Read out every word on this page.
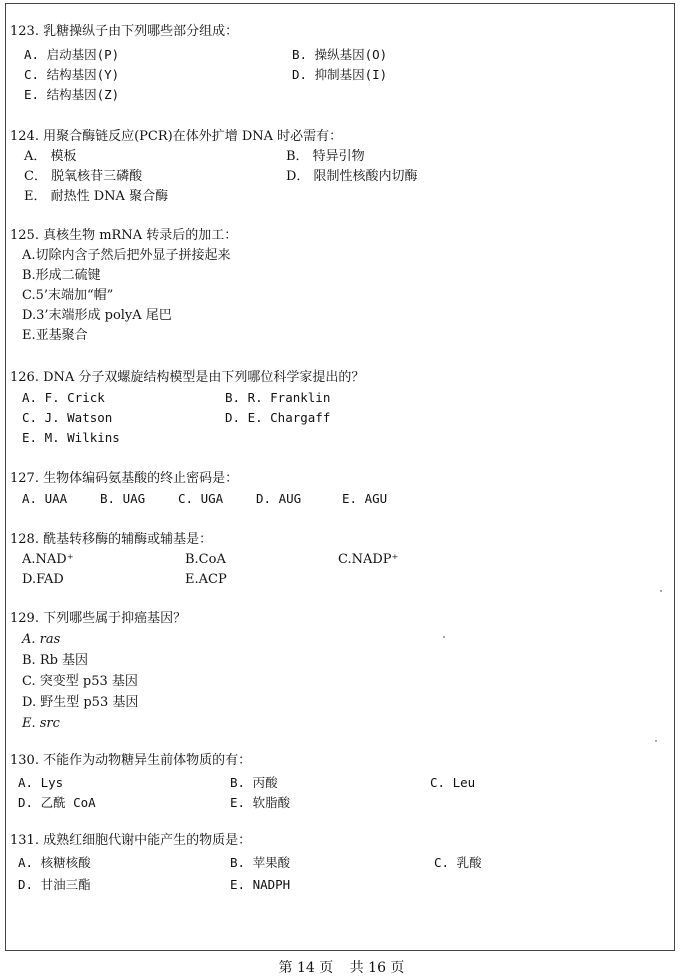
123. 乳糖操纵子由下列哪些部分组成：
A. 启动基因(P)	B. 操纵基因(O)
C. 结构基因(Y)	D. 抑制基因(I)
E. 结构基因(Z)
124. 用聚合酶链反应(PCR)在体外扩增 DNA 时必需有：
A． 模板	B． 特异引物
C． 脱氧核苷三磷酸	D． 限制性核酸内切酶
E． 耐热性 DNA 聚合酶
125. 真核生物 mRNA 转录后的加工：
A.切除内含子然后把外显子拼接起来
B.形成二硫键
C.5’末端加“帽”
D.3’末端形成 polyA 尾巴
E.亚基聚合
126. DNA 分子双螺旋结构模型是由下列哪位科学家提出的？
A. F. Crick	B. R. Franklin
C. J. Watson	D. E. Chargaff
E. M. Wilkins
127. 生物体编码氨基酸的终止密码是：
A. UAA	B. UAG	C. UGA	D. AUG	E. AGU
128. 酰基转移酶的辅酶或辅基是：
A.NAD⁺	B.CoA	C.NADP⁺
D.FAD	E.ACP
129. 下列哪些属于抑癌基因？
A. ras
B. Rb 基因
C. 突变型 p53 基因
D. 野生型 p53 基因
E. src
130. 不能作为动物糖异生前体物质的有：
A. Lys	B. 丙酸	C. Leu
D. 乙酰 CoA	E. 软脂酸
131. 成熟红细胞代谢中能产生的物质是：
A. 核糖核酸	B. 苹果酸	C. 乳酸
D. 甘油三酯	E. NADPH
第 14 页 共 16 页
